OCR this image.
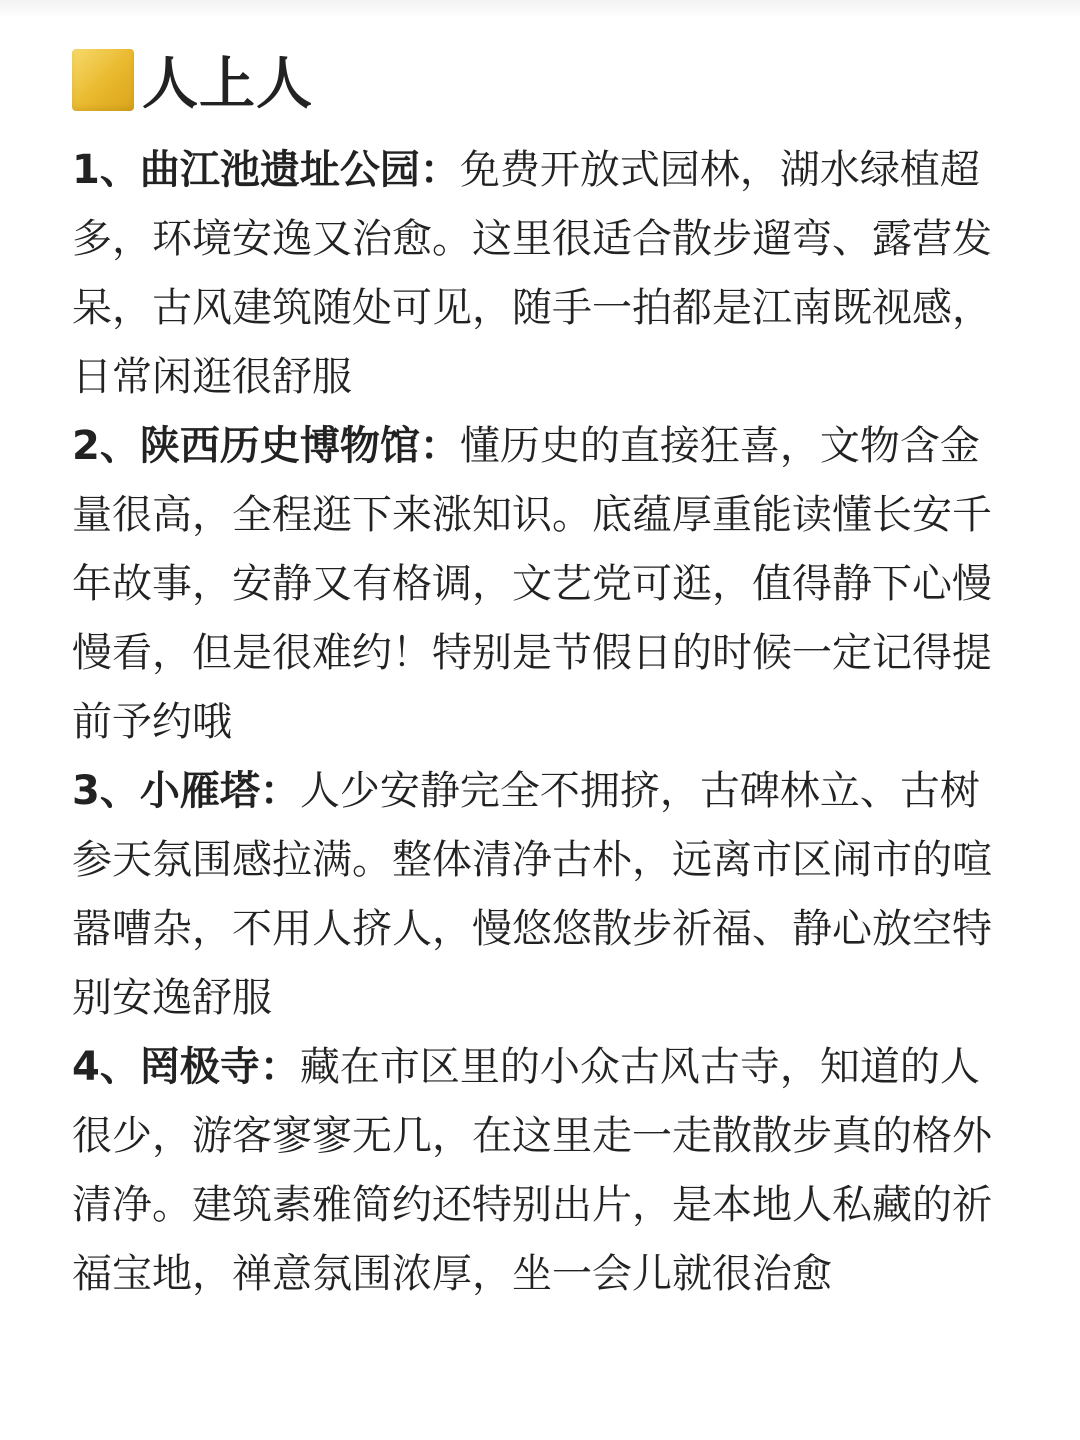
人上人

1、曲江池遗址公园：免费开放式园林，湖水绿植超多，环境安逸又治愈。这里很适合散步遛弯、露营发呆，古风建筑随处可见，随手一拍都是江南既视感，日常闲逛很舒服

2、陕西历史博物馆：懂历史的直接狂喜，文物含金量很高，全程逛下来涨知识。底蕴厚重能读懂长安千年故事，安静又有格调，文艺党可逛，值得静下心慢慢看，但是很难约！特别是节假日的时候一定记得提前予约哦

3、小雁塔：人少安静完全不拥挤，古碑林立、古树参天氛围感拉满。整体清净古朴，远离市区闹市的喧嚣嘈杂，不用人挤人，慢悠悠散步祈福、静心放空特别安逸舒服

4、罔极寺：藏在市区里的小众古风古寺，知道的人很少，游客寥寥无几，在这里走一走散散步真的格外清净。建筑素雅简约还特别出片，是本地人私藏的祈福宝地，禅意氛围浓厚，坐一会儿就很治愈
